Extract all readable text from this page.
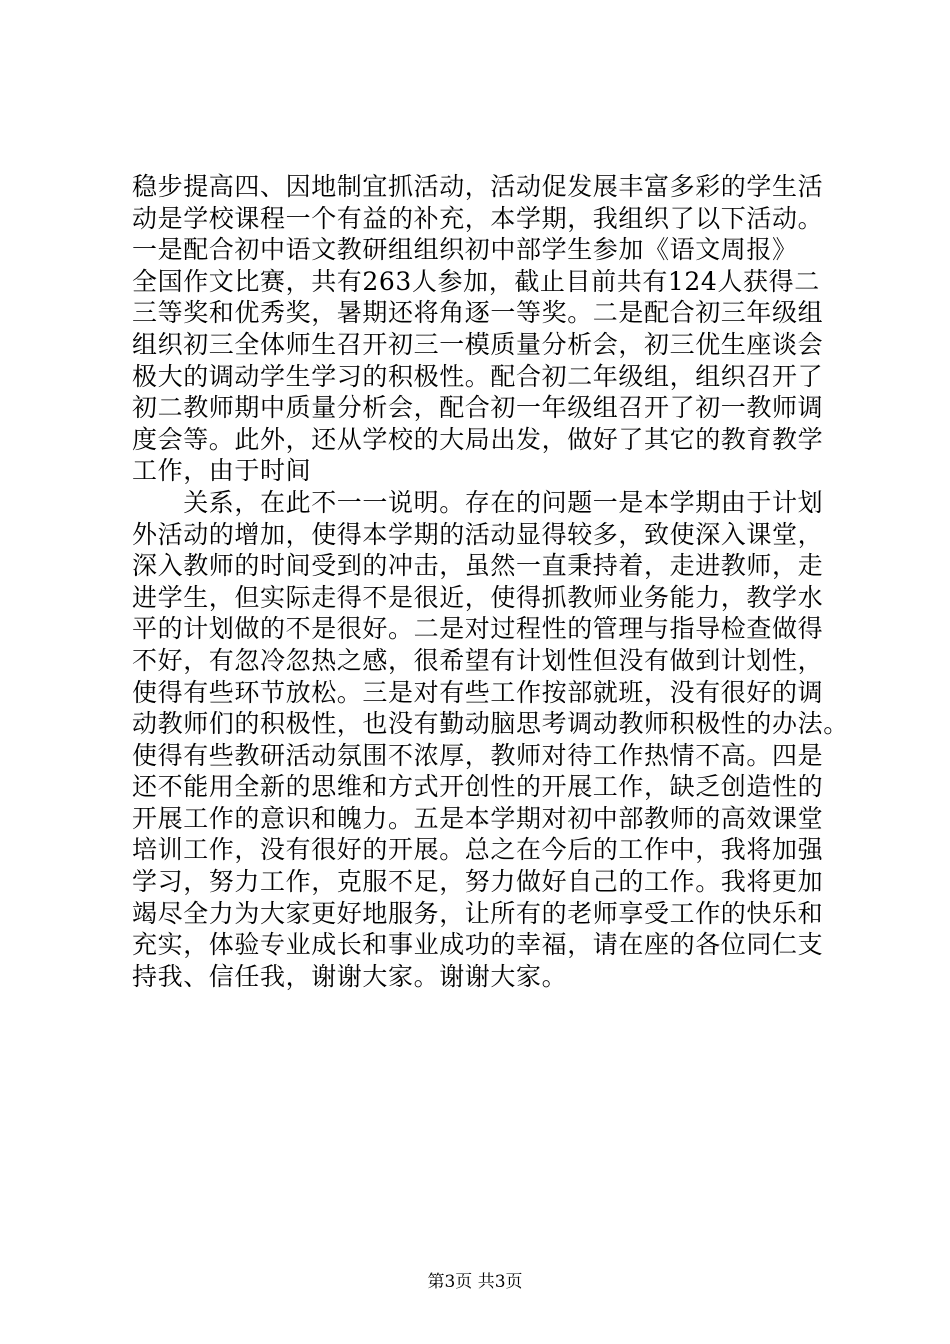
稳步提高四、因地制宜抓活动，活动促发展丰富多彩的学生活
动是学校课程一个有益的补充，本学期，我组织了以下活动。
一是配合初中语文教研组组织初中部学生参加《语文周报》
全国作文比赛，共有263人参加，截止目前共有124人获得二
三等奖和优秀奖，暑期还将角逐一等奖。二是配合初三年级组
组织初三全体师生召开初三一模质量分析会，初三优生座谈会
极大的调动学生学习的积极性。配合初二年级组，组织召开了
初二教师期中质量分析会，配合初一年级组召开了初一教师调
度会等。此外，还从学校的大局出发，做好了其它的教育教学
工作，由于时间
　　关系，在此不一一说明。存在的问题一是本学期由于计划
外活动的增加，使得本学期的活动显得较多，致使深入课堂，
深入教师的时间受到的冲击，虽然一直秉持着，走进教师，走
进学生，但实际走得不是很近，使得抓教师业务能力，教学水
平的计划做的不是很好。二是对过程性的管理与指导检查做得
不好，有忽冷忽热之感，很希望有计划性但没有做到计划性，
使得有些环节放松。三是对有些工作按部就班，没有很好的调
动教师们的积极性，也没有勤动脑思考调动教师积极性的办法。
使得有些教研活动氛围不浓厚，教师对待工作热情不高。四是
还不能用全新的思维和方式开创性的开展工作，缺乏创造性的
开展工作的意识和魄力。五是本学期对初中部教师的高效课堂
培训工作，没有很好的开展。总之在今后的工作中，我将加强
学习，努力工作，克服不足，努力做好自己的工作。我将更加
竭尽全力为大家更好地服务，让所有的老师享受工作的快乐和
充实，体验专业成长和事业成功的幸福，请在座的各位同仁支
持我、信任我，谢谢大家。谢谢大家。
第3页 共3页
